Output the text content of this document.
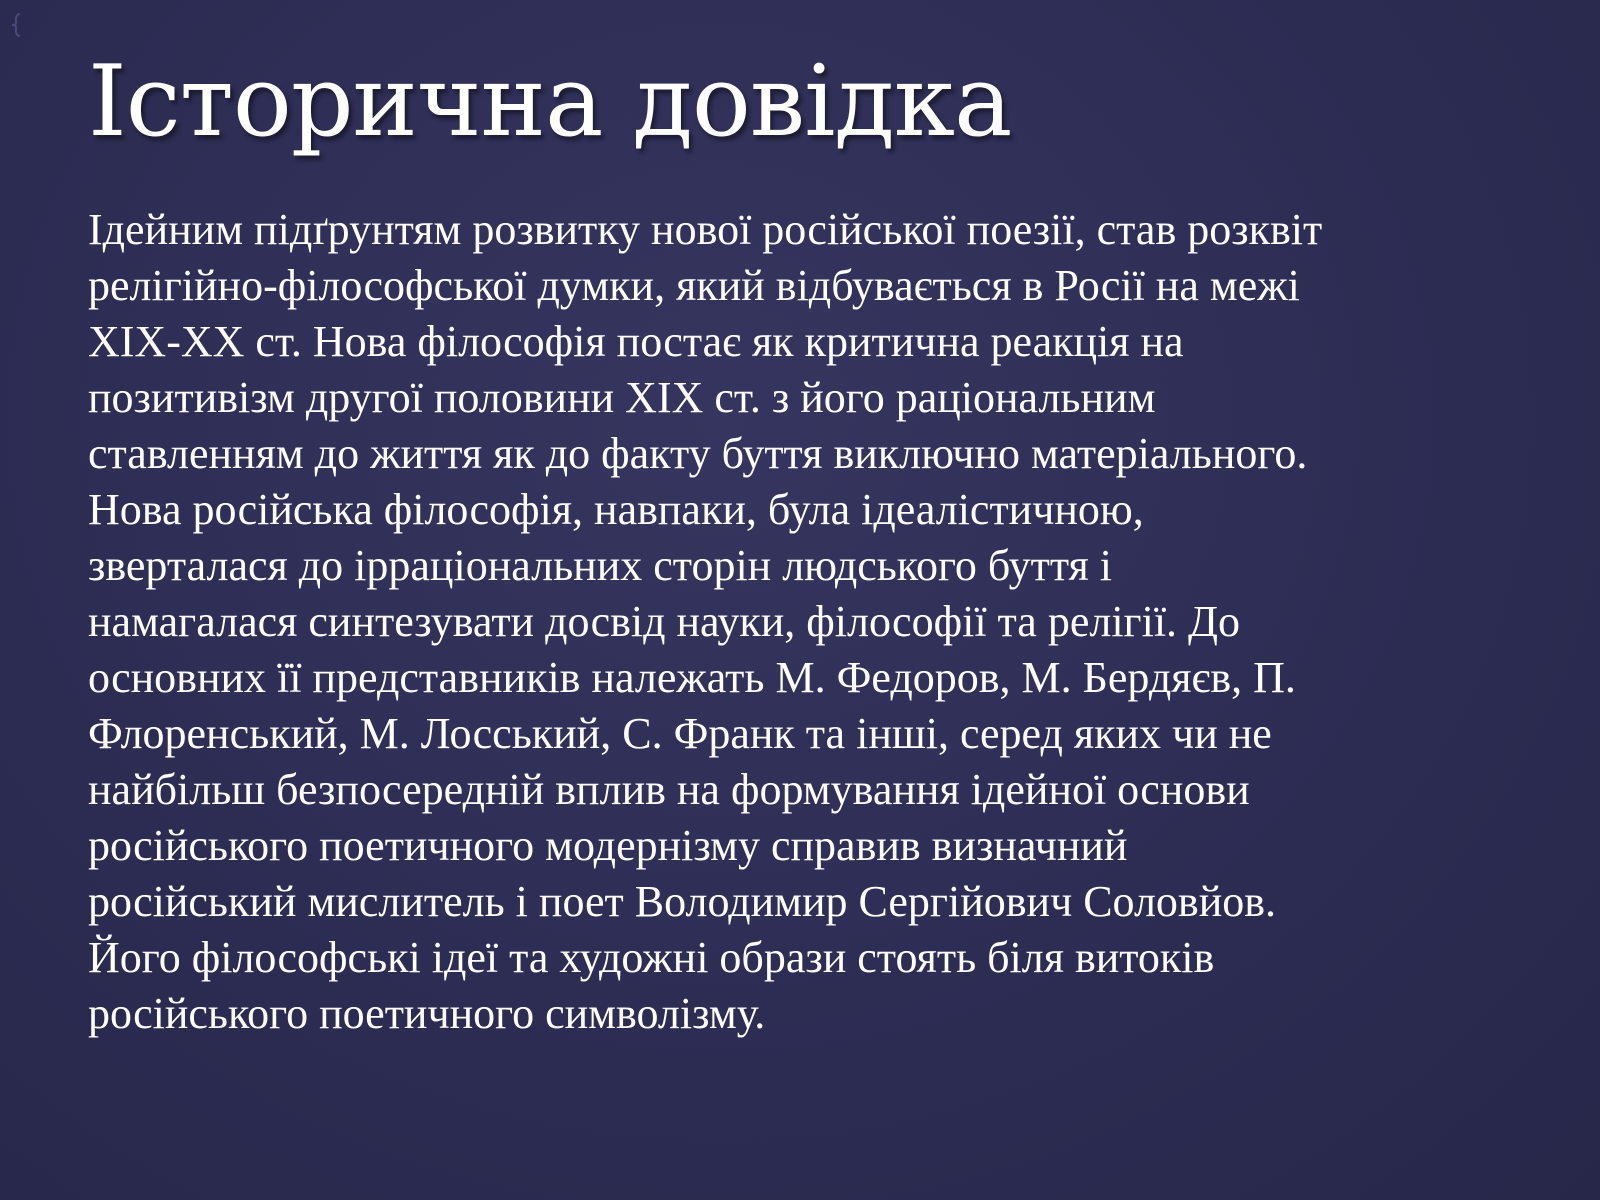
Історична довідка

Ідейним підґрунтям розвитку нової російської поезії, став розквіт
релігійно-філософської думки, який відбувається в Росії на межі
ХІХ-ХХ ст. Нова філософія постає як критична реакція на
позитивізм другої половини ХІХ ст. з його раціональним
ставленням до життя як до факту буття виключно матеріального.
Нова російська філософія, навпаки, була ідеалістичною,
зверталася до ірраціональних сторін людського буття і
намагалася синтезувати досвід науки, філософії та релігії. До
основних її представників належать М. Федоров, М. Бердяєв, П.
Флоренський, М. Лосський, С. Франк та інші, серед яких чи не
найбільш безпосередній вплив на формування ідейної основи
російського поетичного модернізму справив визначний
російський мислитель і поет Володимир Сергійович Соловйов.
Його філософські ідеї та художні образи стоять біля витоків
російського поетичного символізму.
